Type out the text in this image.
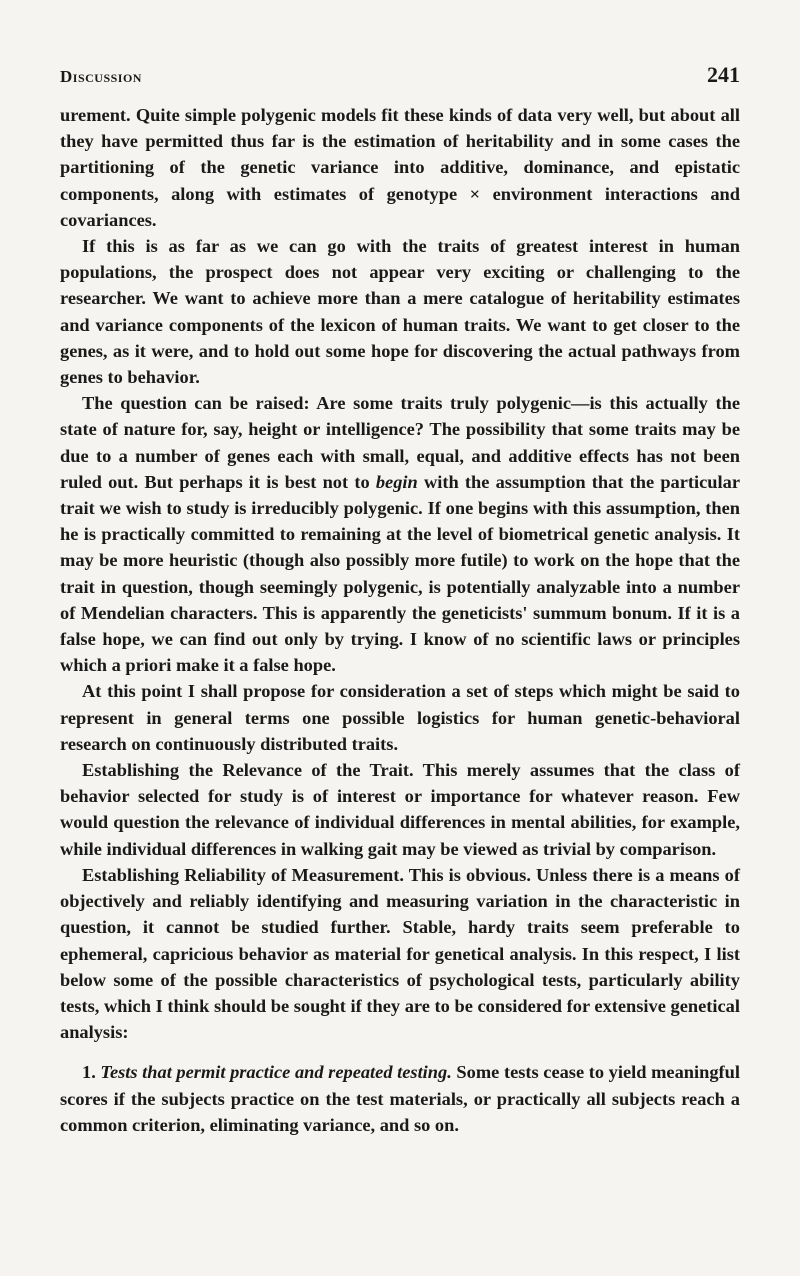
Discussion	241

urement. Quite simple polygenic models fit these kinds of data very well, but about all they have permitted thus far is the estimation of heritability and in some cases the partitioning of the genetic variance into additive, dominance, and epistatic components, along with estimates of genotype × environment interactions and covariances.

If this is as far as we can go with the traits of greatest interest in human populations, the prospect does not appear very exciting or challenging to the researcher. We want to achieve more than a mere catalogue of heritability estimates and variance components of the lexicon of human traits. We want to get closer to the genes, as it were, and to hold out some hope for discovering the actual pathways from genes to behavior.

The question can be raised: Are some traits truly polygenic—is this actually the state of nature for, say, height or intelligence? The possibility that some traits may be due to a number of genes each with small, equal, and additive effects has not been ruled out. But perhaps it is best not to begin with the assumption that the particular trait we wish to study is irreducibly polygenic. If one begins with this assumption, then he is practically committed to remaining at the level of biometrical genetic analysis. It may be more heuristic (though also possibly more futile) to work on the hope that the trait in question, though seemingly polygenic, is potentially analyzable into a number of Mendelian characters. This is apparently the geneticists' summum bonum. If it is a false hope, we can find out only by trying. I know of no scientific laws or principles which a priori make it a false hope.

At this point I shall propose for consideration a set of steps which might be said to represent in general terms one possible logistics for human genetic-behavioral research on continuously distributed traits.

Establishing the Relevance of the Trait. This merely assumes that the class of behavior selected for study is of interest or importance for whatever reason. Few would question the relevance of individual differences in mental abilities, for example, while individual differences in walking gait may be viewed as trivial by comparison.

Establishing Reliability of Measurement. This is obvious. Unless there is a means of objectively and reliably identifying and measuring variation in the characteristic in question, it cannot be studied further. Stable, hardy traits seem preferable to ephemeral, capricious behavior as material for genetical analysis. In this respect, I list below some of the possible characteristics of psychological tests, particularly ability tests, which I think should be sought if they are to be considered for extensive genetical analysis:

1. Tests that permit practice and repeated testing. Some tests cease to yield meaningful scores if the subjects practice on the test materials, or practically all subjects reach a common criterion, eliminating variance, and so on.
